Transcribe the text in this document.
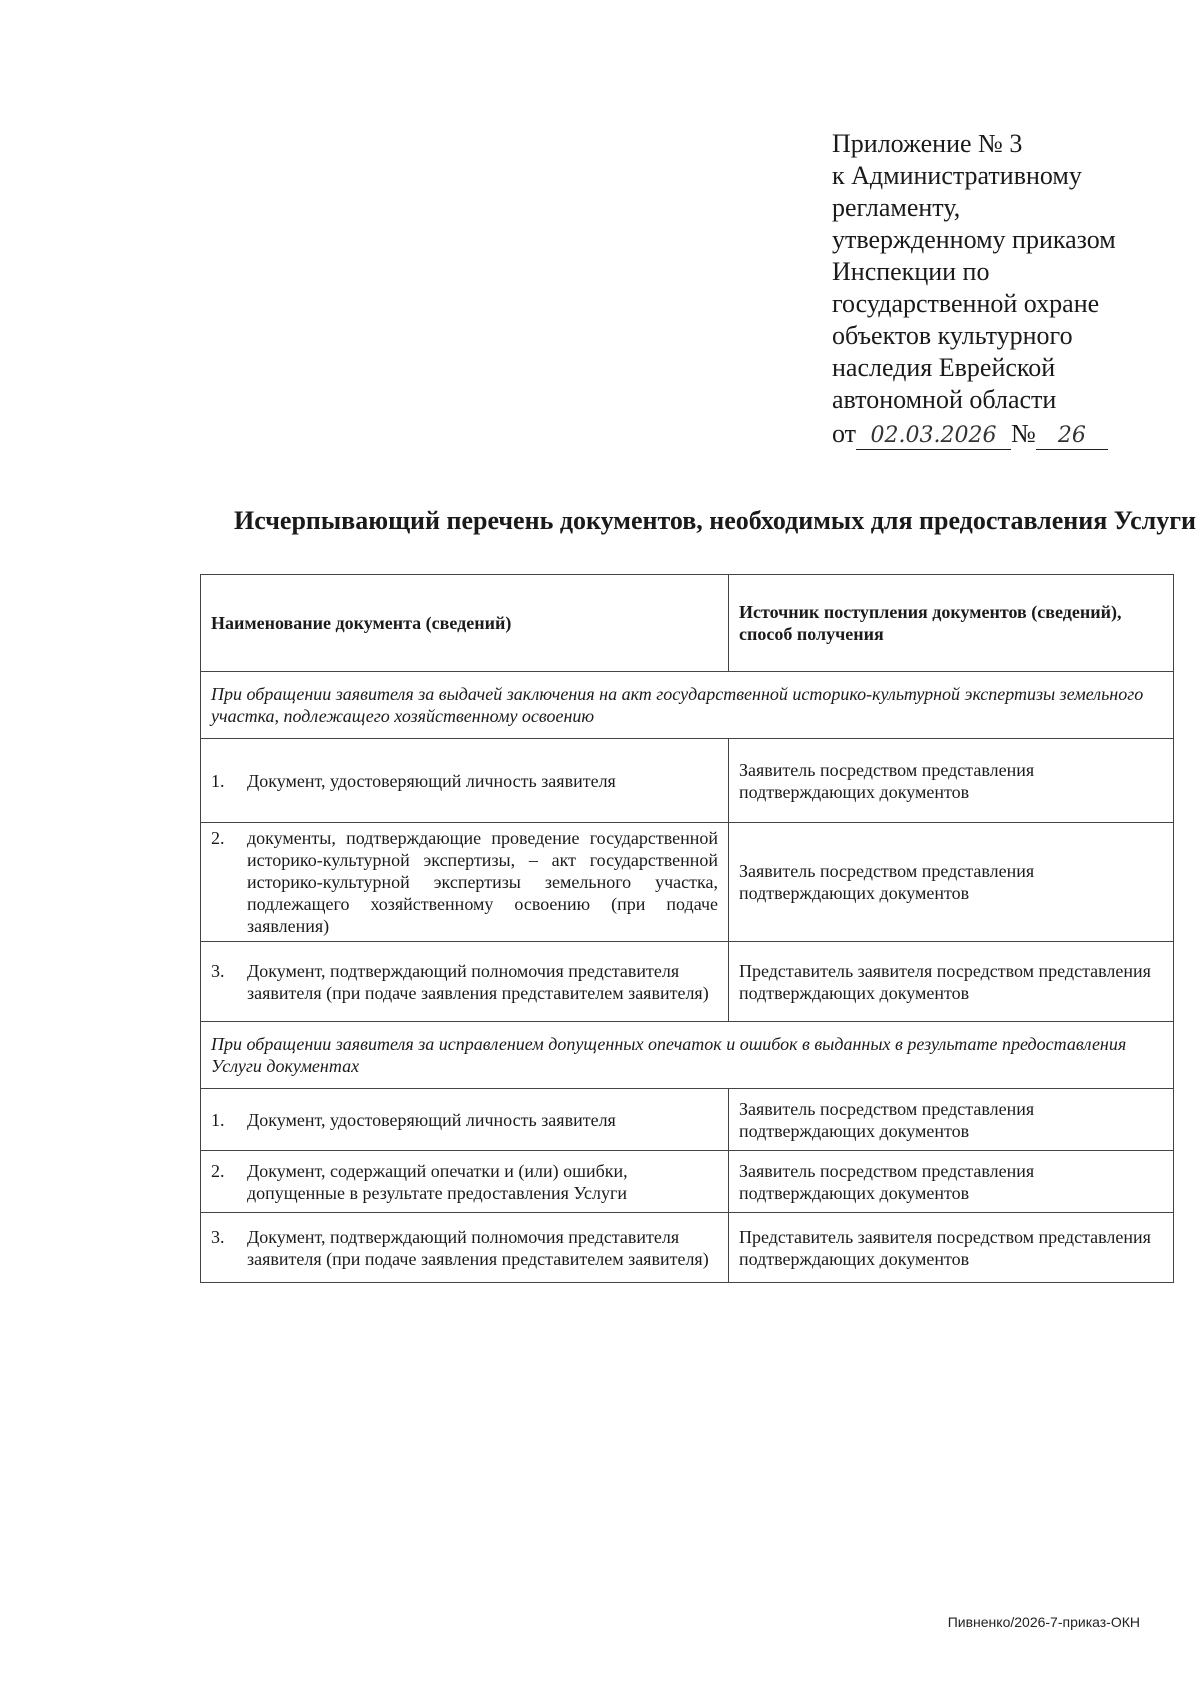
Приложение № 3
к Административному
регламенту,
утвержденному приказом
Инспекции по
государственной охране
объектов культурного
наследия Еврейской
автономной области
от 02.03.2026 №	26
Исчерпывающий перечень документов, необходимых для предоставления Услуги
Наименование документа (сведений)	Источник поступления документов (сведений), способ получения
При обращении заявителя за выдачей заключения на акт государственной историко-культурной экспертизы земельного участка, подлежащего хозяйственному освоению	

1. Документ, удостоверяющий личность заявителя	Заявитель посредством представления подтверждающих документов

2. документы, подтверждающие проведение государственной историко-культурной экспертизы, – акт государственной историко-культурной экспертизы земельного участка, подлежащего хозяйственному освоению (при подаче заявления)	Заявитель посредством представления подтверждающих документов

3. Документ, подтверждающий полномочия представителя заявителя (при подаче заявления представителем заявителя)	Представитель заявителя посредством представления подтверждающих документов
При обращении заявителя за исправлением допущенных опечаток и ошибок в выданных в результате предоставления Услуги документах	

1. Документ, удостоверяющий личность заявителя	Заявитель посредством представления подтверждающих документов

2. Документ, содержащий опечатки и (или) ошибки, допущенные в результате предоставления Услуги	Заявитель посредством представления подтверждающих документов

3. Документ, подтверждающий полномочия представителя заявителя (при подаче заявления представителем заявителя)	Представитель заявителя посредством представления подтверждающих документов
Пивненко/2026-7-приказ-ОКН
